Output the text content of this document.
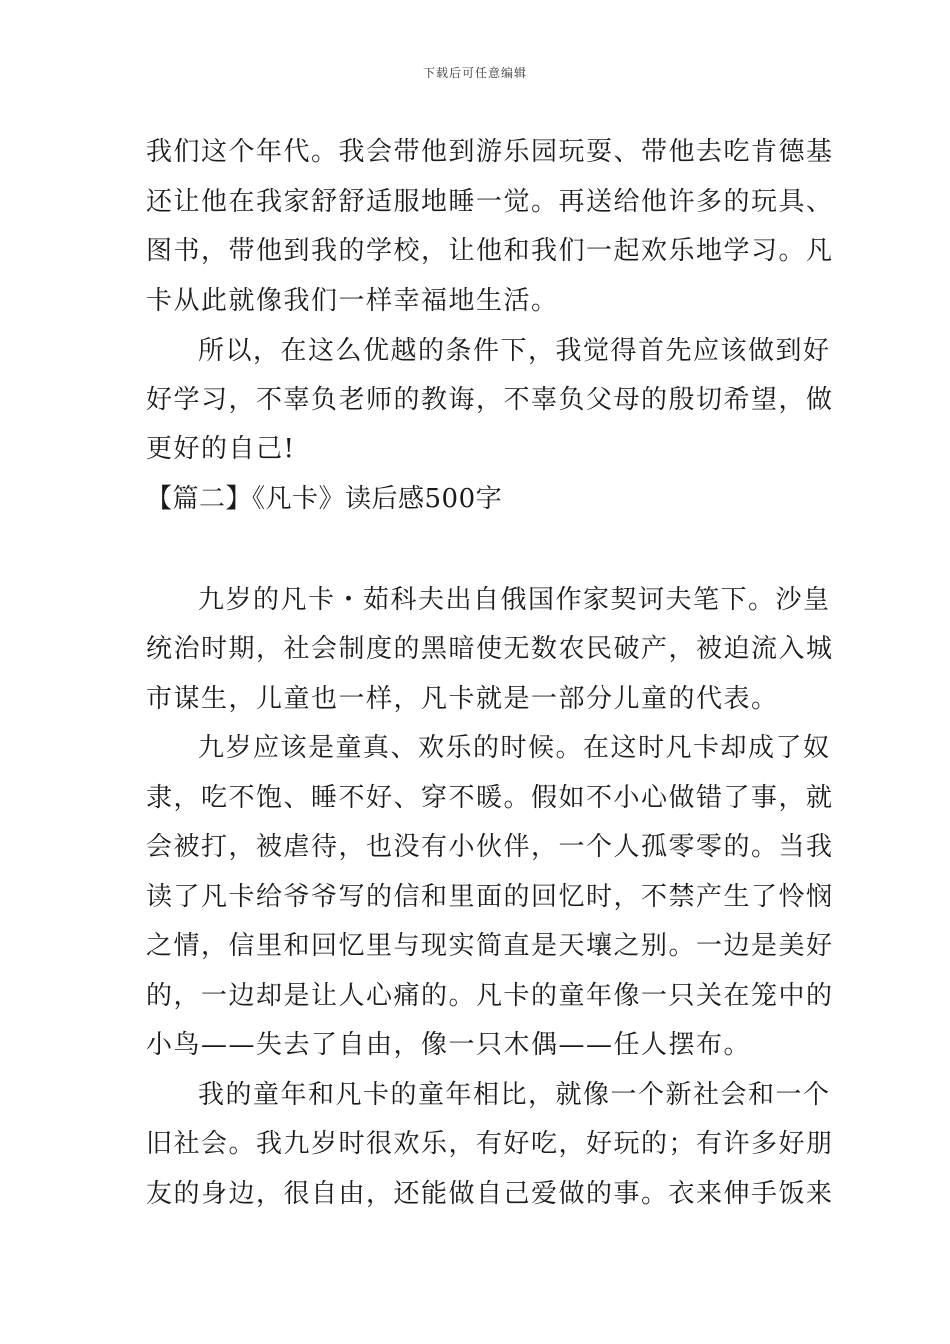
下载后可任意编辑
我们这个年代。我会带他到游乐园玩耍、带他去吃肯德基
还让他在我家舒舒适服地睡一觉。再送给他许多的玩具、
图书，带他到我的学校，让他和我们一起欢乐地学习。凡
卡从此就像我们一样幸福地生活。
所以，在这么优越的条件下，我觉得首先应该做到好
好学习，不辜负老师的教诲，不辜负父母的殷切希望，做
更好的自己!
【篇二】《凡卡》读后感500字
九岁的凡卡・茹科夫出自俄国作家契诃夫笔下。沙皇
统治时期，社会制度的黑暗使无数农民破产，被迫流入城
市谋生，儿童也一样，凡卡就是一部分儿童的代表。
九岁应该是童真、欢乐的时候。在这时凡卡却成了奴
隶，吃不饱、睡不好、穿不暖。假如不小心做错了事，就
会被打，被虐待，也没有小伙伴，一个人孤零零的。当我
读了凡卡给爷爷写的信和里面的回忆时，不禁产生了怜悯
之情，信里和回忆里与现实简直是天壤之别。一边是美好
的，一边却是让人心痛的。凡卡的童年像一只关在笼中的
小鸟——失去了自由，像一只木偶——任人摆布。
我的童年和凡卡的童年相比，就像一个新社会和一个
旧社会。我九岁时很欢乐，有好吃，好玩的；有许多好朋
友的身边，很自由，还能做自己爱做的事。衣来伸手饭来
